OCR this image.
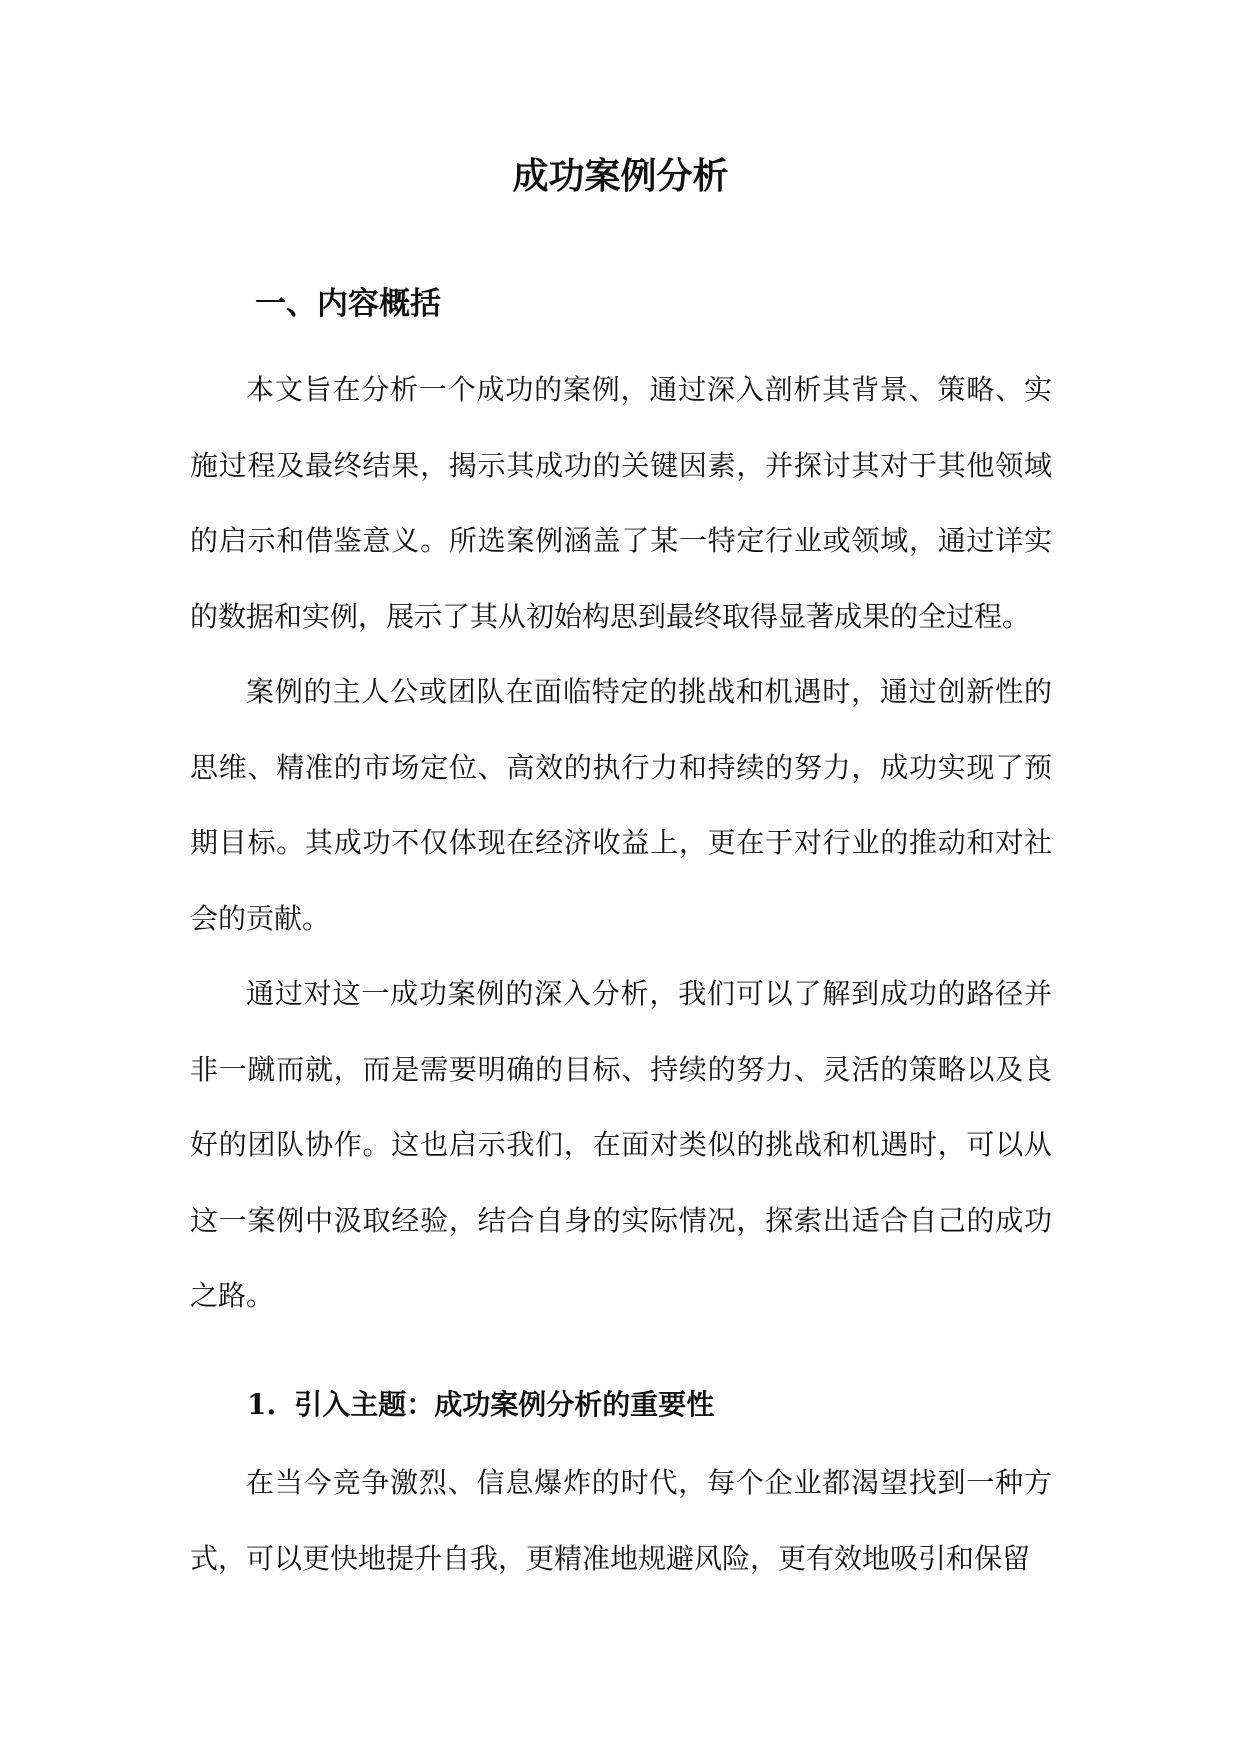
成功案例分析
一、内容概括

本文旨在分析一个成功的案例，通过深入剖析其背景、策略、实施过程及最终结果，揭示其成功的关键因素，并探讨其对于其他领域的启示和借鉴意义。所选案例涵盖了某一特定行业或领域，通过详实的数据和实例，展示了其从初始构思到最终取得显著成果的全过程。

案例的主人公或团队在面临特定的挑战和机遇时，通过创新性的思维、精准的市场定位、高效的执行力和持续的努力，成功实现了预期目标。其成功不仅体现在经济收益上，更在于对行业的推动和对社会的贡献。

通过对这一成功案例的深入分析，我们可以了解到成功的路径并非一蹴而就，而是需要明确的目标、持续的努力、灵活的策略以及良好的团队协作。这也启示我们，在面对类似的挑战和机遇时，可以从这一案例中汲取经验，结合自身的实际情况，探索出适合自己的成功之路。

1. 引入主题：成功案例分析的重要性

在当今竞争激烈、信息爆炸的时代，每个企业都渴望找到一种方式，可以更快地提升自我，更精准地规避风险，更有效地吸引和保留
